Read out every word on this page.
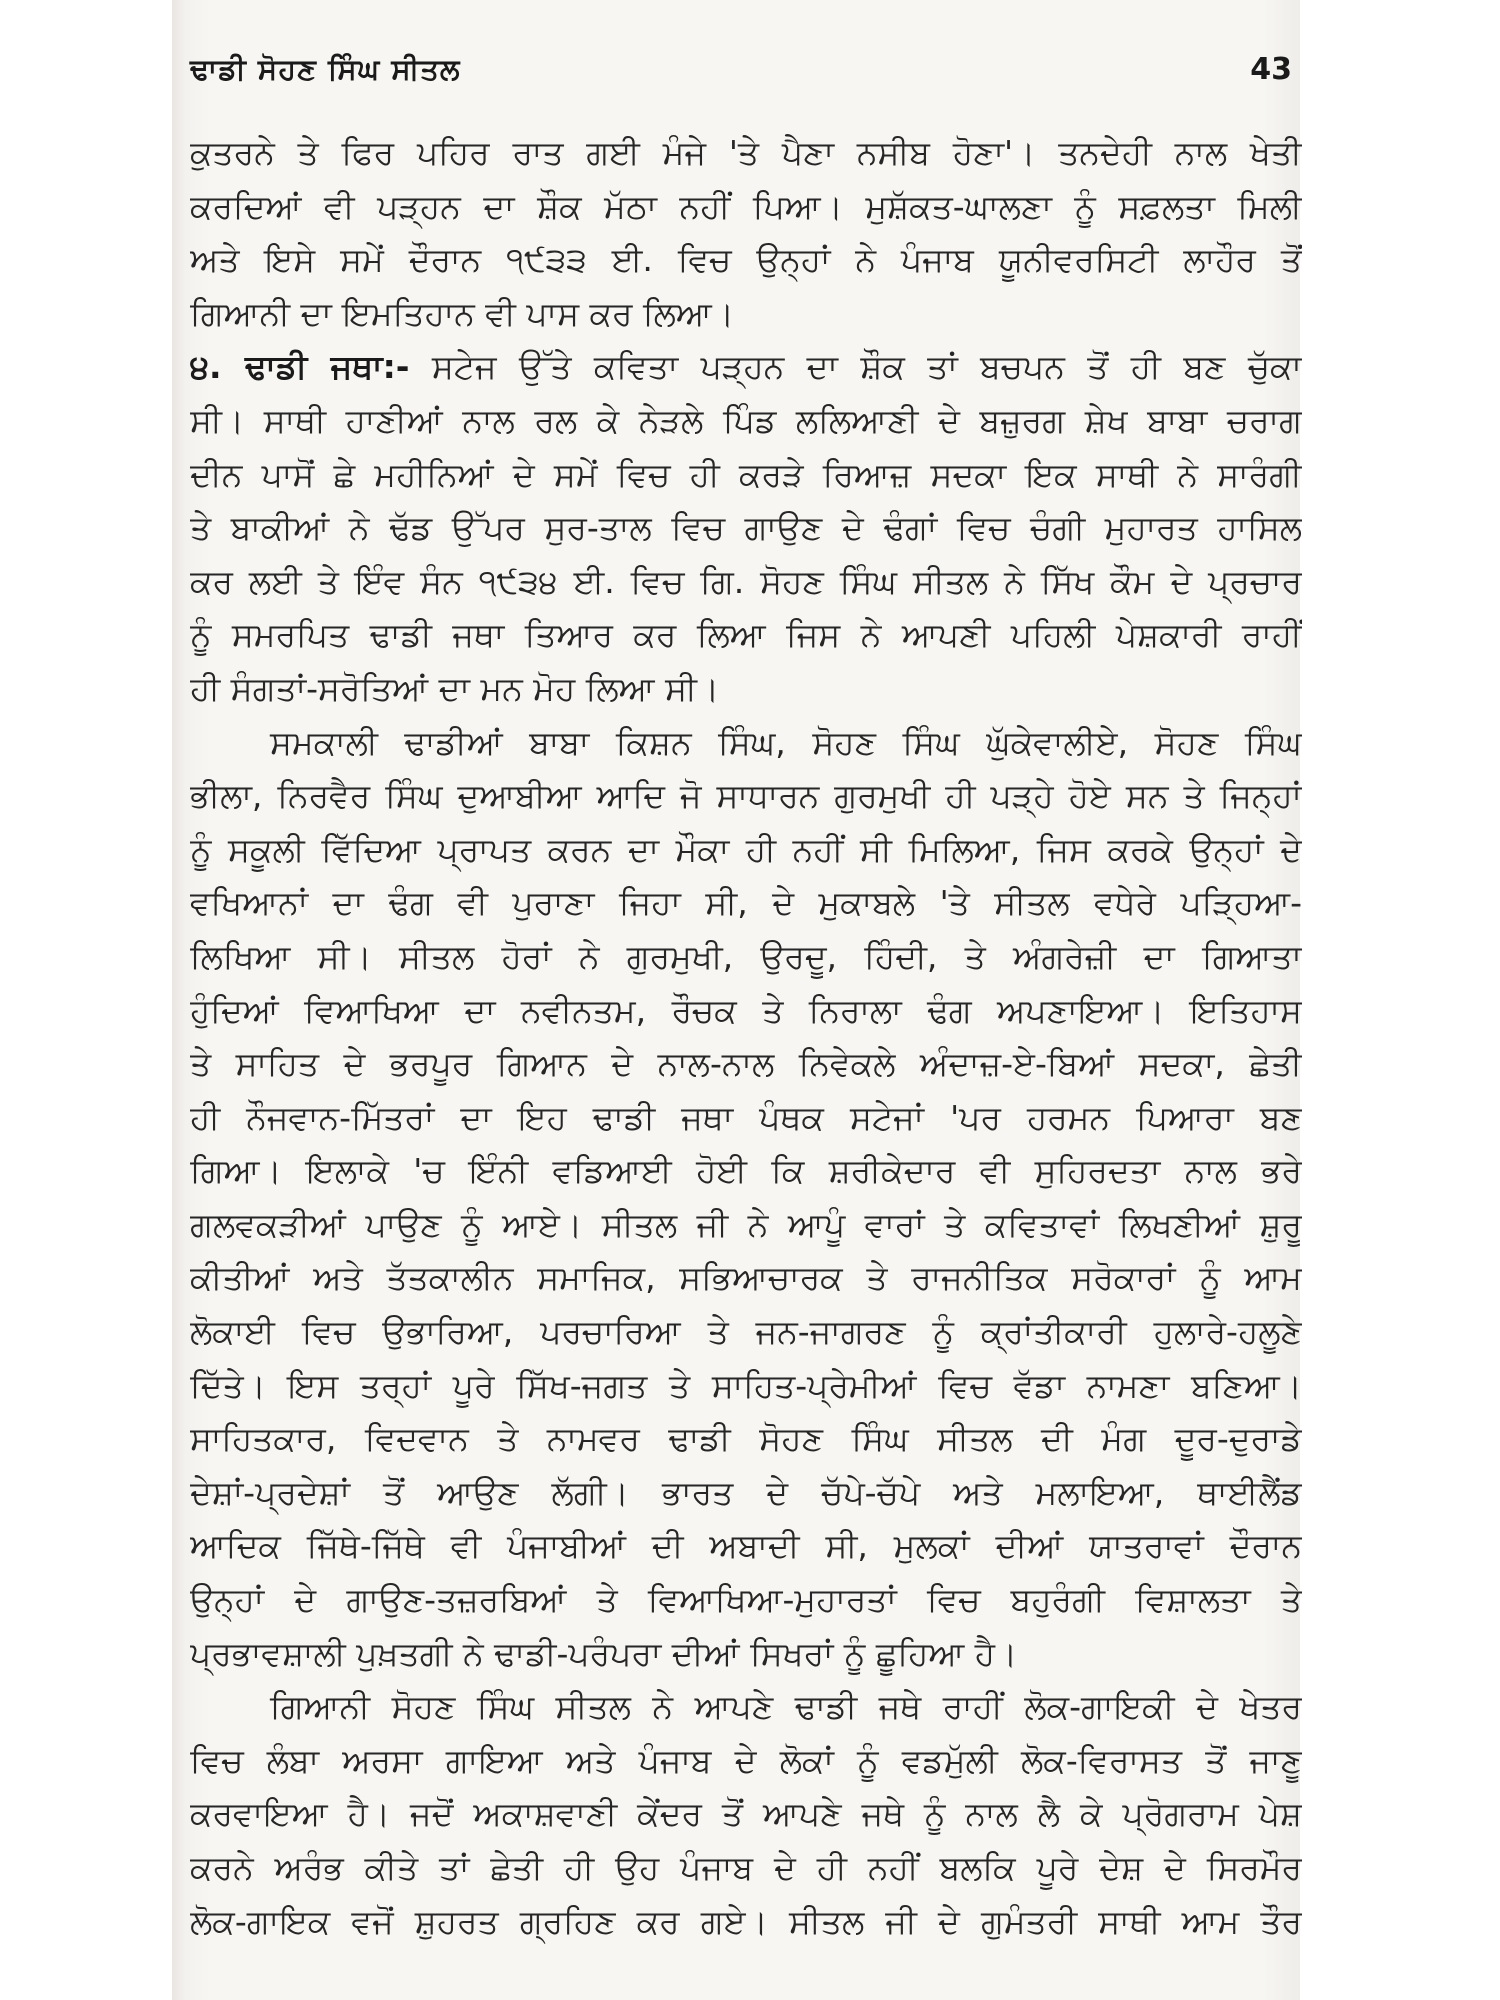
ਢਾਡੀ ਸੋਹਣ ਸਿੰਘ ਸੀਤਲ	43
ਕੁਤਰਨੇ ਤੇ ਫਿਰ ਪਹਿਰ ਰਾਤ ਗਈ ਮੰਜੇ 'ਤੇ ਪੈਣਾ ਨਸੀਬ ਹੋਣਾ'। ਤਨਦੇਹੀ ਨਾਲ ਖੇਤੀ
ਕਰਦਿਆਂ ਵੀ ਪੜ੍ਹਨ ਦਾ ਸ਼ੌਕ ਮੱਠਾ ਨਹੀਂ ਪਿਆ। ਮੁਸ਼ੱਕਤ-ਘਾਲਣਾ ਨੂੰ ਸਫ਼ਲਤਾ ਮਿਲੀ
ਅਤੇ ਇਸੇ ਸਮੇਂ ਦੌਰਾਨ ੧੯੩੩ ਈ. ਵਿਚ ਉਨ੍ਹਾਂ ਨੇ ਪੰਜਾਬ ਯੂਨੀਵਰਸਿਟੀ ਲਾਹੌਰ ਤੋਂ
ਗਿਆਨੀ ਦਾ ਇਮਤਿਹਾਨ ਵੀ ਪਾਸ ਕਰ ਲਿਆ।
੪. ਢਾਡੀ ਜਥਾ:- ਸਟੇਜ ਉੱਤੇ ਕਵਿਤਾ ਪੜ੍ਹਨ ਦਾ ਸ਼ੌਕ ਤਾਂ ਬਚਪਨ ਤੋਂ ਹੀ ਬਣ ਚੁੱਕਾ
ਸੀ। ਸਾਥੀ ਹਾਣੀਆਂ ਨਾਲ ਰਲ ਕੇ ਨੇੜਲੇ ਪਿੰਡ ਲਲਿਆਣੀ ਦੇ ਬਜ਼ੁਰਗ ਸ਼ੇਖ ਬਾਬਾ ਚਰਾਗ
ਦੀਨ ਪਾਸੋਂ ਛੇ ਮਹੀਨਿਆਂ ਦੇ ਸਮੇਂ ਵਿਚ ਹੀ ਕਰੜੇ ਰਿਆਜ਼ ਸਦਕਾ ਇਕ ਸਾਥੀ ਨੇ ਸਾਰੰਗੀ
ਤੇ ਬਾਕੀਆਂ ਨੇ ਢੱਡ ਉੱਪਰ ਸੁਰ-ਤਾਲ ਵਿਚ ਗਾਉਣ ਦੇ ਢੰਗਾਂ ਵਿਚ ਚੰਗੀ ਮੁਹਾਰਤ ਹਾਸਿਲ
ਕਰ ਲਈ ਤੇ ਇੰਵ ਸੰਨ ੧੯੩੪ ਈ. ਵਿਚ ਗਿ. ਸੋਹਣ ਸਿੰਘ ਸੀਤਲ ਨੇ ਸਿੱਖ ਕੌਮ ਦੇ ਪ੍ਰਚਾਰ
ਨੂੰ ਸਮਰਪਿਤ ਢਾਡੀ ਜਥਾ ਤਿਆਰ ਕਰ ਲਿਆ ਜਿਸ ਨੇ ਆਪਣੀ ਪਹਿਲੀ ਪੇਸ਼ਕਾਰੀ ਰਾਹੀਂ
ਹੀ ਸੰਗਤਾਂ-ਸਰੋਤਿਆਂ ਦਾ ਮਨ ਮੋਹ ਲਿਆ ਸੀ।
ਸਮਕਾਲੀ ਢਾਡੀਆਂ ਬਾਬਾ ਕਿਸ਼ਨ ਸਿੰਘ, ਸੋਹਣ ਸਿੰਘ ਘੁੱਕੇਵਾਲੀਏ, ਸੋਹਣ ਸਿੰਘ
ਭੀਲਾ, ਨਿਰਵੈਰ ਸਿੰਘ ਦੁਆਬੀਆ ਆਦਿ ਜੋ ਸਾਧਾਰਨ ਗੁਰਮੁਖੀ ਹੀ ਪੜ੍ਹੇ ਹੋਏ ਸਨ ਤੇ ਜਿਨ੍ਹਾਂ
ਨੂੰ ਸਕੂਲੀ ਵਿੱਦਿਆ ਪ੍ਰਾਪਤ ਕਰਨ ਦਾ ਮੌਕਾ ਹੀ ਨਹੀਂ ਸੀ ਮਿਲਿਆ, ਜਿਸ ਕਰਕੇ ਉਨ੍ਹਾਂ ਦੇ
ਵਖਿਆਨਾਂ ਦਾ ਢੰਗ ਵੀ ਪੁਰਾਣਾ ਜਿਹਾ ਸੀ, ਦੇ ਮੁਕਾਬਲੇ 'ਤੇ ਸੀਤਲ ਵਧੇਰੇ ਪੜ੍ਹਿਆ-
ਲਿਖਿਆ ਸੀ। ਸੀਤਲ ਹੋਰਾਂ ਨੇ ਗੁਰਮੁਖੀ, ਉਰਦੂ, ਹਿੰਦੀ, ਤੇ ਅੰਗਰੇਜ਼ੀ ਦਾ ਗਿਆਤਾ
ਹੁੰਦਿਆਂ ਵਿਆਖਿਆ ਦਾ ਨਵੀਨਤਮ, ਰੌਚਕ ਤੇ ਨਿਰਾਲਾ ਢੰਗ ਅਪਣਾਇਆ। ਇਤਿਹਾਸ
ਤੇ ਸਾਹਿਤ ਦੇ ਭਰਪੂਰ ਗਿਆਨ ਦੇ ਨਾਲ-ਨਾਲ ਨਿਵੇਕਲੇ ਅੰਦਾਜ਼-ਏ-ਬਿਆਂ ਸਦਕਾ, ਛੇਤੀ
ਹੀ ਨੌਜਵਾਨ-ਮਿੱਤਰਾਂ ਦਾ ਇਹ ਢਾਡੀ ਜਥਾ ਪੰਥਕ ਸਟੇਜਾਂ 'ਪਰ ਹਰਮਨ ਪਿਆਰਾ ਬਣ
ਗਿਆ। ਇਲਾਕੇ 'ਚ ਇੰਨੀ ਵਡਿਆਈ ਹੋਈ ਕਿ ਸ਼ਰੀਕੇਦਾਰ ਵੀ ਸੁਹਿਰਦਤਾ ਨਾਲ ਭਰੇ
ਗਲਵਕੜੀਆਂ ਪਾਉਣ ਨੂੰ ਆਏ। ਸੀਤਲ ਜੀ ਨੇ ਆਪੂੰ ਵਾਰਾਂ ਤੇ ਕਵਿਤਾਵਾਂ ਲਿਖਣੀਆਂ ਸ਼ੁਰੂ
ਕੀਤੀਆਂ ਅਤੇ ਤੱਤਕਾਲੀਨ ਸਮਾਜਿਕ, ਸਭਿਆਚਾਰਕ ਤੇ ਰਾਜਨੀਤਿਕ ਸਰੋਕਾਰਾਂ ਨੂੰ ਆਮ
ਲੋਕਾਈ ਵਿਚ ਉਭਾਰਿਆ, ਪਰਚਾਰਿਆ ਤੇ ਜਨ-ਜਾਗਰਣ ਨੂੰ ਕ੍ਰਾਂਤੀਕਾਰੀ ਹੁਲਾਰੇ-ਹਲੂਣੇ
ਦਿੱਤੇ। ਇਸ ਤਰ੍ਹਾਂ ਪੂਰੇ ਸਿੱਖ-ਜਗਤ ਤੇ ਸਾਹਿਤ-ਪ੍ਰੇਮੀਆਂ ਵਿਚ ਵੱਡਾ ਨਾਮਣਾ ਬਣਿਆ।
ਸਾਹਿਤਕਾਰ, ਵਿਦਵਾਨ ਤੇ ਨਾਮਵਰ ਢਾਡੀ ਸੋਹਣ ਸਿੰਘ ਸੀਤਲ ਦੀ ਮੰਗ ਦੂਰ-ਦੁਰਾਡੇ
ਦੇਸ਼ਾਂ-ਪ੍ਰਦੇਸ਼ਾਂ ਤੋਂ ਆਉਣ ਲੱਗੀ। ਭਾਰਤ ਦੇ ਚੱਪੇ-ਚੱਪੇ ਅਤੇ ਮਲਾਇਆ, ਥਾਈਲੈਂਡ
ਆਦਿਕ ਜਿੱਥੇ-ਜਿੱਥੇ ਵੀ ਪੰਜਾਬੀਆਂ ਦੀ ਅਬਾਦੀ ਸੀ, ਮੁਲਕਾਂ ਦੀਆਂ ਯਾਤਰਾਵਾਂ ਦੌਰਾਨ
ਉਨ੍ਹਾਂ ਦੇ ਗਾਉਣ-ਤਜ਼ਰਬਿਆਂ ਤੇ ਵਿਆਖਿਆ-ਮੁਹਾਰਤਾਂ ਵਿਚ ਬਹੁਰੰਗੀ ਵਿਸ਼ਾਲਤਾ ਤੇ
ਪ੍ਰਭਾਵਸ਼ਾਲੀ ਪੁਖ਼ਤਗੀ ਨੇ ਢਾਡੀ-ਪਰੰਪਰਾ ਦੀਆਂ ਸਿਖਰਾਂ ਨੂੰ ਛੂਹਿਆ ਹੈ।
ਗਿਆਨੀ ਸੋਹਣ ਸਿੰਘ ਸੀਤਲ ਨੇ ਆਪਣੇ ਢਾਡੀ ਜਥੇ ਰਾਹੀਂ ਲੋਕ-ਗਾਇਕੀ ਦੇ ਖੇਤਰ
ਵਿਚ ਲੰਬਾ ਅਰਸਾ ਗਾਇਆ ਅਤੇ ਪੰਜਾਬ ਦੇ ਲੋਕਾਂ ਨੂੰ ਵਡਮੁੱਲੀ ਲੋਕ-ਵਿਰਾਸਤ ਤੋਂ ਜਾਣੂ
ਕਰਵਾਇਆ ਹੈ। ਜਦੋਂ ਅਕਾਸ਼ਵਾਣੀ ਕੇਂਦਰ ਤੋਂ ਆਪਣੇ ਜਥੇ ਨੂੰ ਨਾਲ ਲੈ ਕੇ ਪ੍ਰੋਗਰਾਮ ਪੇਸ਼
ਕਰਨੇ ਅਰੰਭ ਕੀਤੇ ਤਾਂ ਛੇਤੀ ਹੀ ਉਹ ਪੰਜਾਬ ਦੇ ਹੀ ਨਹੀਂ ਬਲਕਿ ਪੂਰੇ ਦੇਸ਼ ਦੇ ਸਿਰਮੌਰ
ਲੋਕ-ਗਾਇਕ ਵਜੋਂ ਸ਼ੁਹਰਤ ਗ੍ਰਹਿਣ ਕਰ ਗਏ। ਸੀਤਲ ਜੀ ਦੇ ਗੁਮੰਤਰੀ ਸਾਥੀ ਆਮ ਤੌਰ
